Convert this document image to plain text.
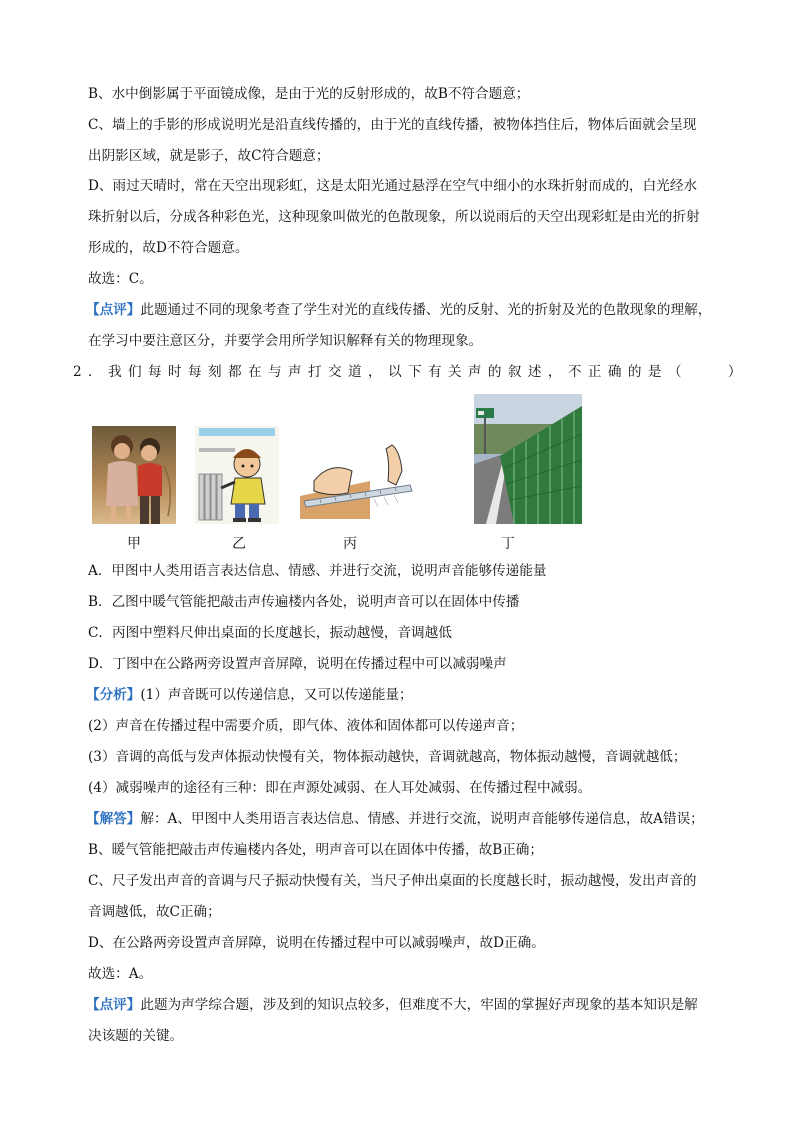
B、水中倒影属于平面镜成像，是由于光的反射形成的，故B不符合题意；
C、墙上的手影的形成说明光是沿直线传播的，由于光的直线传播，被物体挡住后，物体后面就会呈现
出阴影区域，就是影子，故C符合题意；
D、雨过天晴时，常在天空出现彩虹，这是太阳光通过悬浮在空气中细小的水珠折射而成的，白光经水
珠折射以后，分成各种彩色光，这种现象叫做光的色散现象，所以说雨后的天空出现彩虹是由光的折射
形成的，故D不符合题意。
故选：C。
【点评】此题通过不同的现象考查了学生对光的直线传播、光的反射、光的折射及光的色散现象的理解，
在学习中要注意区分，并要学会用所学知识解释有关的物理现象。
2．我们每时每刻都在与声打交道，以下有关声的叙述，不正确的是（　　）
甲	乙	丙	丁
A．甲图中人类用语言表达信息、情感、并进行交流，说明声音能够传递能量
B．乙图中暖气管能把敲击声传遍楼内各处，说明声音可以在固体中传播
C．丙图中塑料尺伸出桌面的长度越长，振动越慢，音调越低
D．丁图中在公路两旁设置声音屏障，说明在传播过程中可以减弱噪声
【分析】(1）声音既可以传递信息，又可以传递能量；
(2）声音在传播过程中需要介质，即气体、液体和固体都可以传递声音；
(3）音调的高低与发声体振动快慢有关，物体振动越快，音调就越高，物体振动越慢，音调就越低；
(4）减弱噪声的途径有三种：即在声源处减弱、在人耳处减弱、在传播过程中减弱。
【解答】解：A、甲图中人类用语言表达信息、情感、并进行交流，说明声音能够传递信息，故A错误；
B、暖气管能把敲击声传遍楼内各处，明声音可以在固体中传播，故B正确；
C、尺子发出声音的音调与尺子振动快慢有关，当尺子伸出桌面的长度越长时，振动越慢，发出声音的
音调越低，故C正确；
D、在公路两旁设置声音屏障，说明在传播过程中可以减弱噪声，故D正确。
故选：A。
【点评】此题为声学综合题，涉及到的知识点较多，但难度不大，牢固的掌握好声现象的基本知识是解
决该题的关键。
